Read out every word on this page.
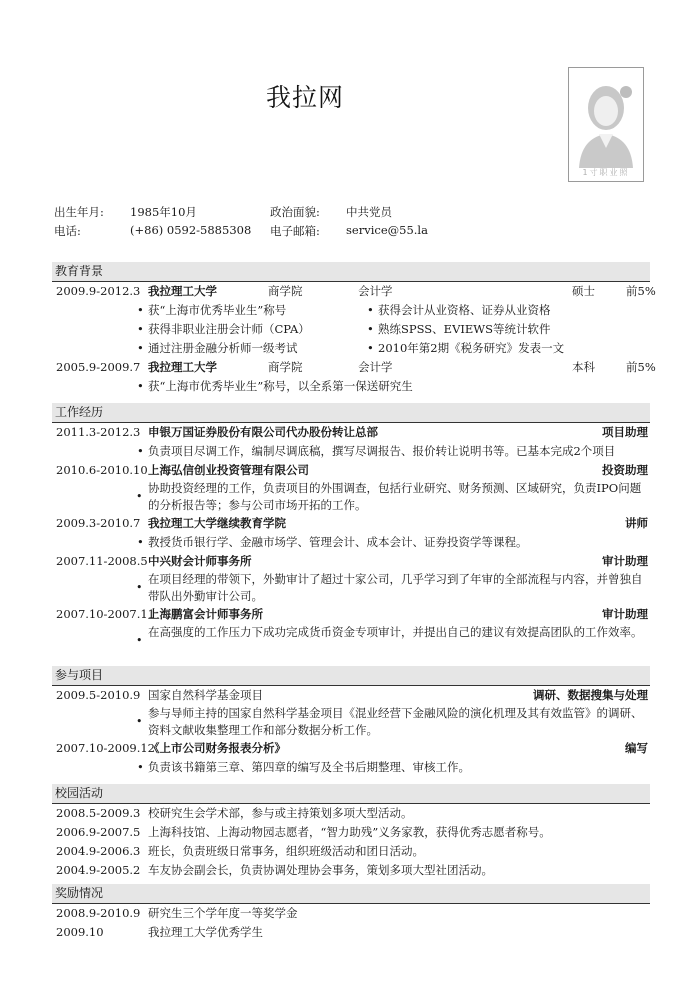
我拉网
1寸职业照
出生年月: 1985年10月	政治面貌: 中共党员
电话:	(+86) 0592-5885308 电子邮箱: service@55.la
教育背景
2009.9-2012.3 我拉理工大学	商学院	会计学	硕士	前5%
• 获“上海市优秀毕业生”称号	• 获得会计从业资格、证券从业资格
• 获得非职业注册会计师（CPA）	• 熟练SPSS、EVIEWS等统计软件
• 通过注册金融分析师一级考试	• 2010年第2期《税务研究》发表一文
2005.9-2009.7 我拉理工大学	商学院	会计学	本科	前5%
• 获“上海市优秀毕业生”称号，以全系第一保送研究生
工作经历
2011.3-2012.3 申银万国证券股份有限公司代办股份转让总部	项目助理
• 负责项目尽调工作，编制尽调底稿，撰写尽调报告、报价转让说明书等。已基本完成2个项目
2010.6-2010.10 上海弘信创业投资管理有限公司	投资助理
•
协助投资经理的工作，负责项目的外围调查，包括行业研究、财务预测、区域研究，负责IPO问题的分析报告等；参与公司市场开拓的工作。
2009.3-2010.7 我拉理工大学继续教育学院	讲师
• 教授货币银行学、金融市场学、管理会计、成本会计、证券投资学等课程。
2007.11-2008.5 中兴财会计师事务所	审计助理
•
在项目经理的带领下，外勤审计了超过十家公司，几乎学习到了年审的全部流程与内容，并曾独自带队出外勤审计公司。
2007.10-2007.11
上海鹏富会计师事务所	审计助理
•
在高强度的工作压力下成功完成货币资金专项审计，并提出自己的建议有效提高团队的工作效率。
参与项目
2009.5-2010.9 国家自然科学基金项目	调研、数据搜集与处理
•
参与导师主持的国家自然科学基金项目《混业经营下金融风险的演化机理及其有效监管》的调研、资料文献收集整理工作和部分数据分析工作。
2007.10-2009.12
《上市公司财务报表分析》	编写
• 负责该书籍第三章、第四章的编写及全书后期整理、审核工作。
校园活动
2008.5-2009.3 校研究生会学术部，参与或主持策划多项大型活动。
2006.9-2007.5 上海科技馆、上海动物园志愿者，“智力助残”义务家教，获得优秀志愿者称号。
2004.9-2006.3 班长，负责班级日常事务，组织班级活动和团日活动。
2004.9-2005.2 车友协会副会长，负责协调处理协会事务，策划多项大型社团活动。
奖励情况
2008.9-2010.9 研究生三个学年度一等奖学金
2009.10	我拉理工大学优秀学生
